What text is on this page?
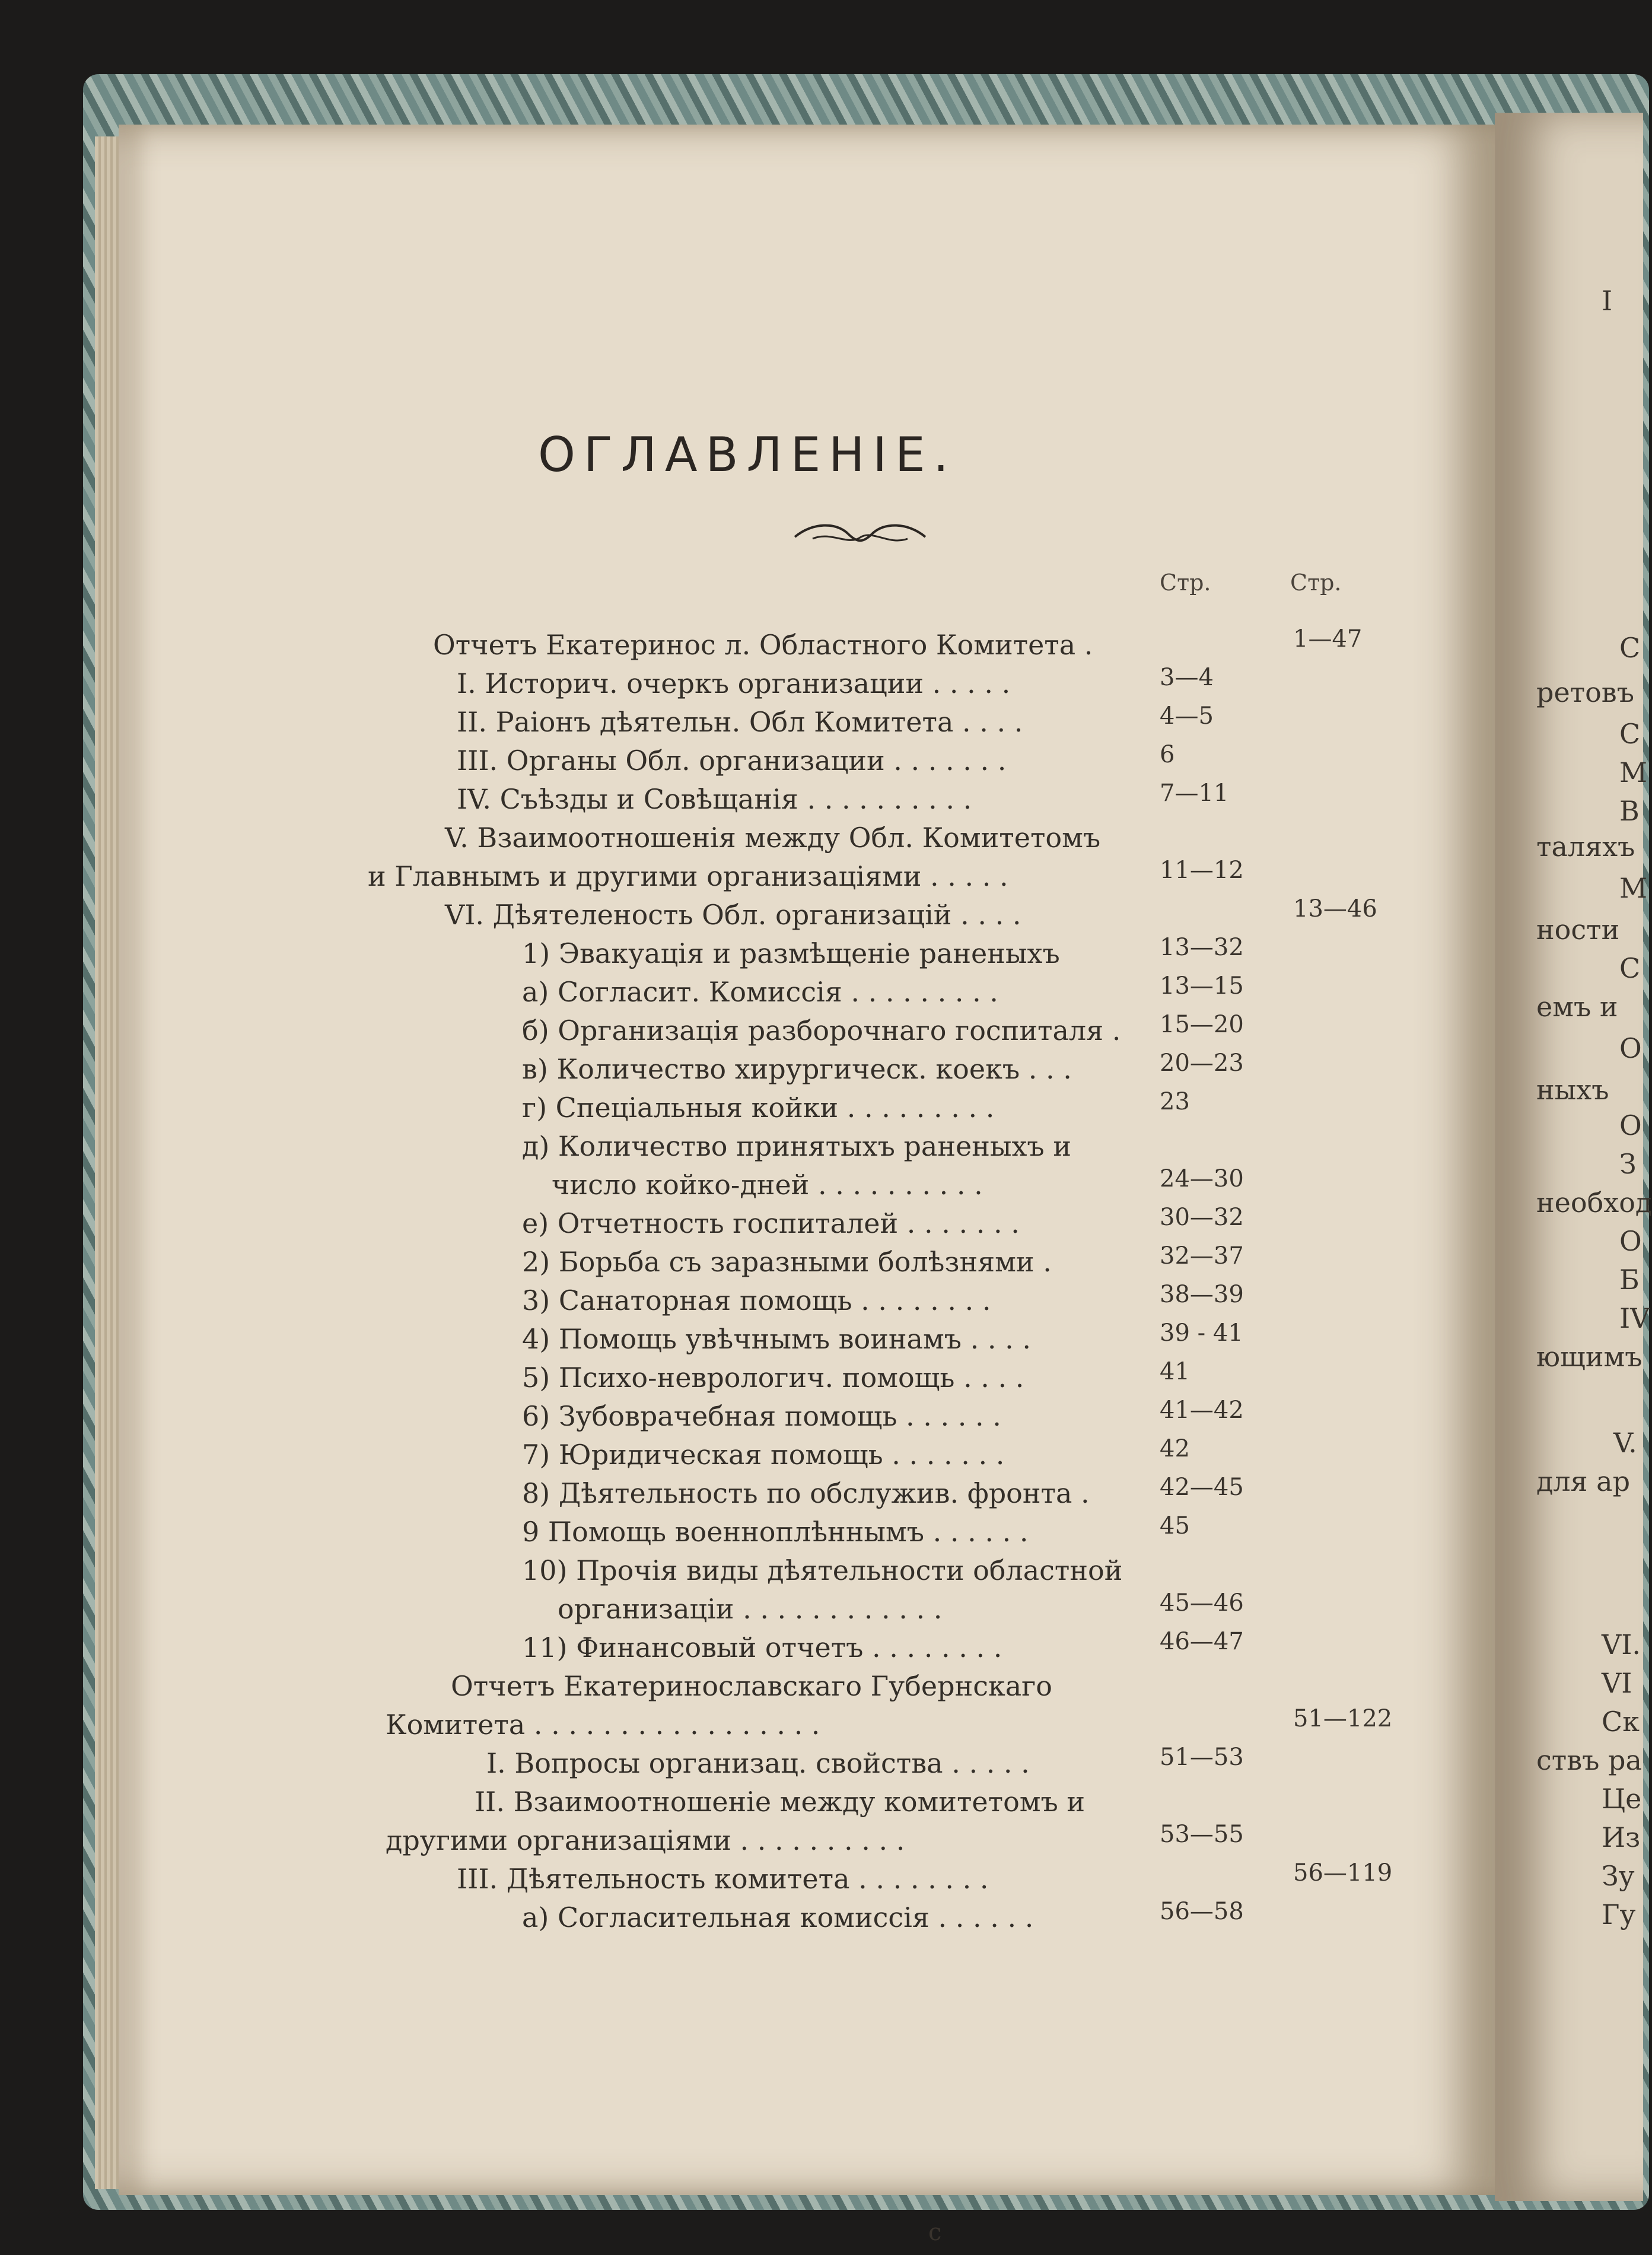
ОГЛАВЛЕНIЕ.
Стр.	Стр.
Отчетъ Екатеринос л. Областного Комитета .	1—47
I. Историч. очеркъ организации . . . . .	3—4
II. Раiонъ дѣятельн. Обл Комитета . . . .	4—5
III. Органы Обл. организации . . . . . . .	6
IV. Съѣзды и Совѣщанiя . . . . . . . . . .	7—11
V. Взаимоотношенiя между Обл. Комитетомъ
и Главнымъ и другими организацiями . . . . .	11—12
VI. Дѣятеленость Обл. организацiй . . . .	13—46
1) Эвакуацiя и размѣщенiе раненыхъ	13—32
а) Согласит. Комиссiя . . . . . . . . .	13—15
б) Организацiя разборочнаго госпиталя . 15—20
в) Количество хирургическ. коекъ . . .	20—23
г) Спецiальныя койки . . . . . . . . .	23
д) Количество принятыхъ раненыхъ и
число койко-дней . . . . . . . . . .	24—30
е) Отчетность госпиталей . . . . . . .	30—32
2) Борьба съ заразными болѣзнями .	32—37
3) Санаторная помощь . . . . . . . .	38—39
4) Помощь увѣчнымъ воинамъ . . . .	39 - 41
5) Психо-неврологич. помощь . . . .	41
6) Зубоврачебная помощь . . . . . .	41—42
7) Юридическая помощь . . . . . . .	42
8) Дѣятельность по обслужив. фронта .	42—45
9 Помощь военноплѣннымъ . . . . . .	45
10) Прочiя виды дѣятельности областной
организацiи . . . . . . . . . . . .	45—46
11) Финансовый отчетъ . . . . . . . .	46—47
Отчетъ Екатеринославскаго Губернскаго
Комитета . . . . . . . . . . . . . . . . .	51—122
I. Вопросы организац. свойства . . . . .	51—53
II. Взаимоотношенiе между комитетомъ и
другими организацiями . . . . . . . . . .	53—55
III. Дѣятельность комитета . . . . . . . .	56—119
а) Согласительная комиссiя . . . . . .	56—58
I
С
ретовъ
С
М
В
таляхъ
М
ности
С
емъ и
О
ныхъ
О
З
необход
О
Б
IV
ющимъ
V.
для ар
VI.
VI
Ск
ствъ ра
Це
Из
Зу
Гу
c
